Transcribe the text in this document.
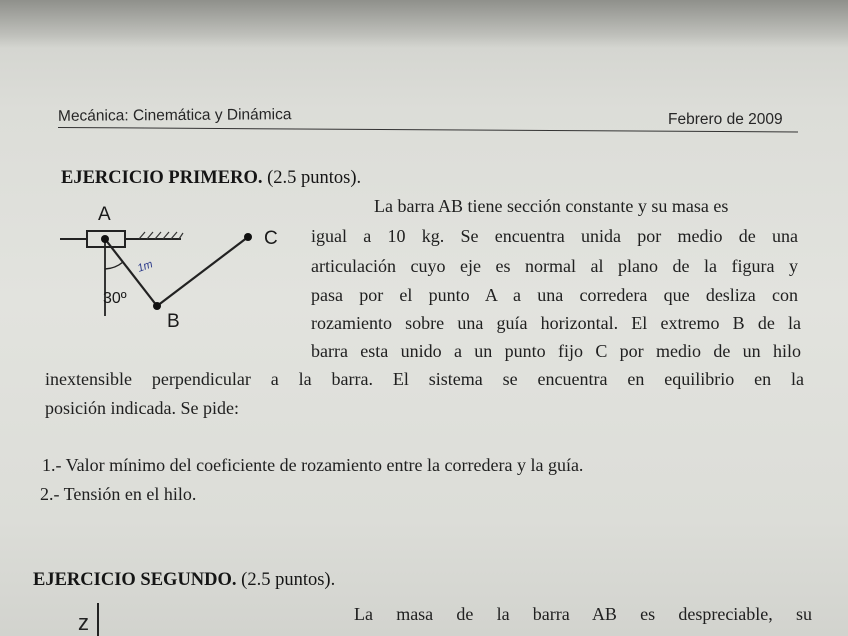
Mecánica: Cinemática y Dinámica	Febrero de 2009
EJERCICIO PRIMERO. (2.5 puntos).
A
B
C
30º
1m
La barra AB tiene sección constante y su masa es
igual a 10 kg. Se encuentra unida por medio de una
articulación cuyo eje es normal al plano de la figura y
pasa por el punto A a una corredera que desliza con
rozamiento sobre una guía horizontal. El extremo B de la
barra esta unido a un punto fijo C por medio de un hilo
inextensible perpendicular a la barra. El sistema se encuentra en equilibrio en la
posición indicada. Se pide:
1.- Valor mínimo del coeficiente de rozamiento entre la corredera y la guía.
2.- Tensión en el hilo.
EJERCICIO SEGUNDO. (2.5 puntos).
z	La masa de la barra AB es despreciable, su
